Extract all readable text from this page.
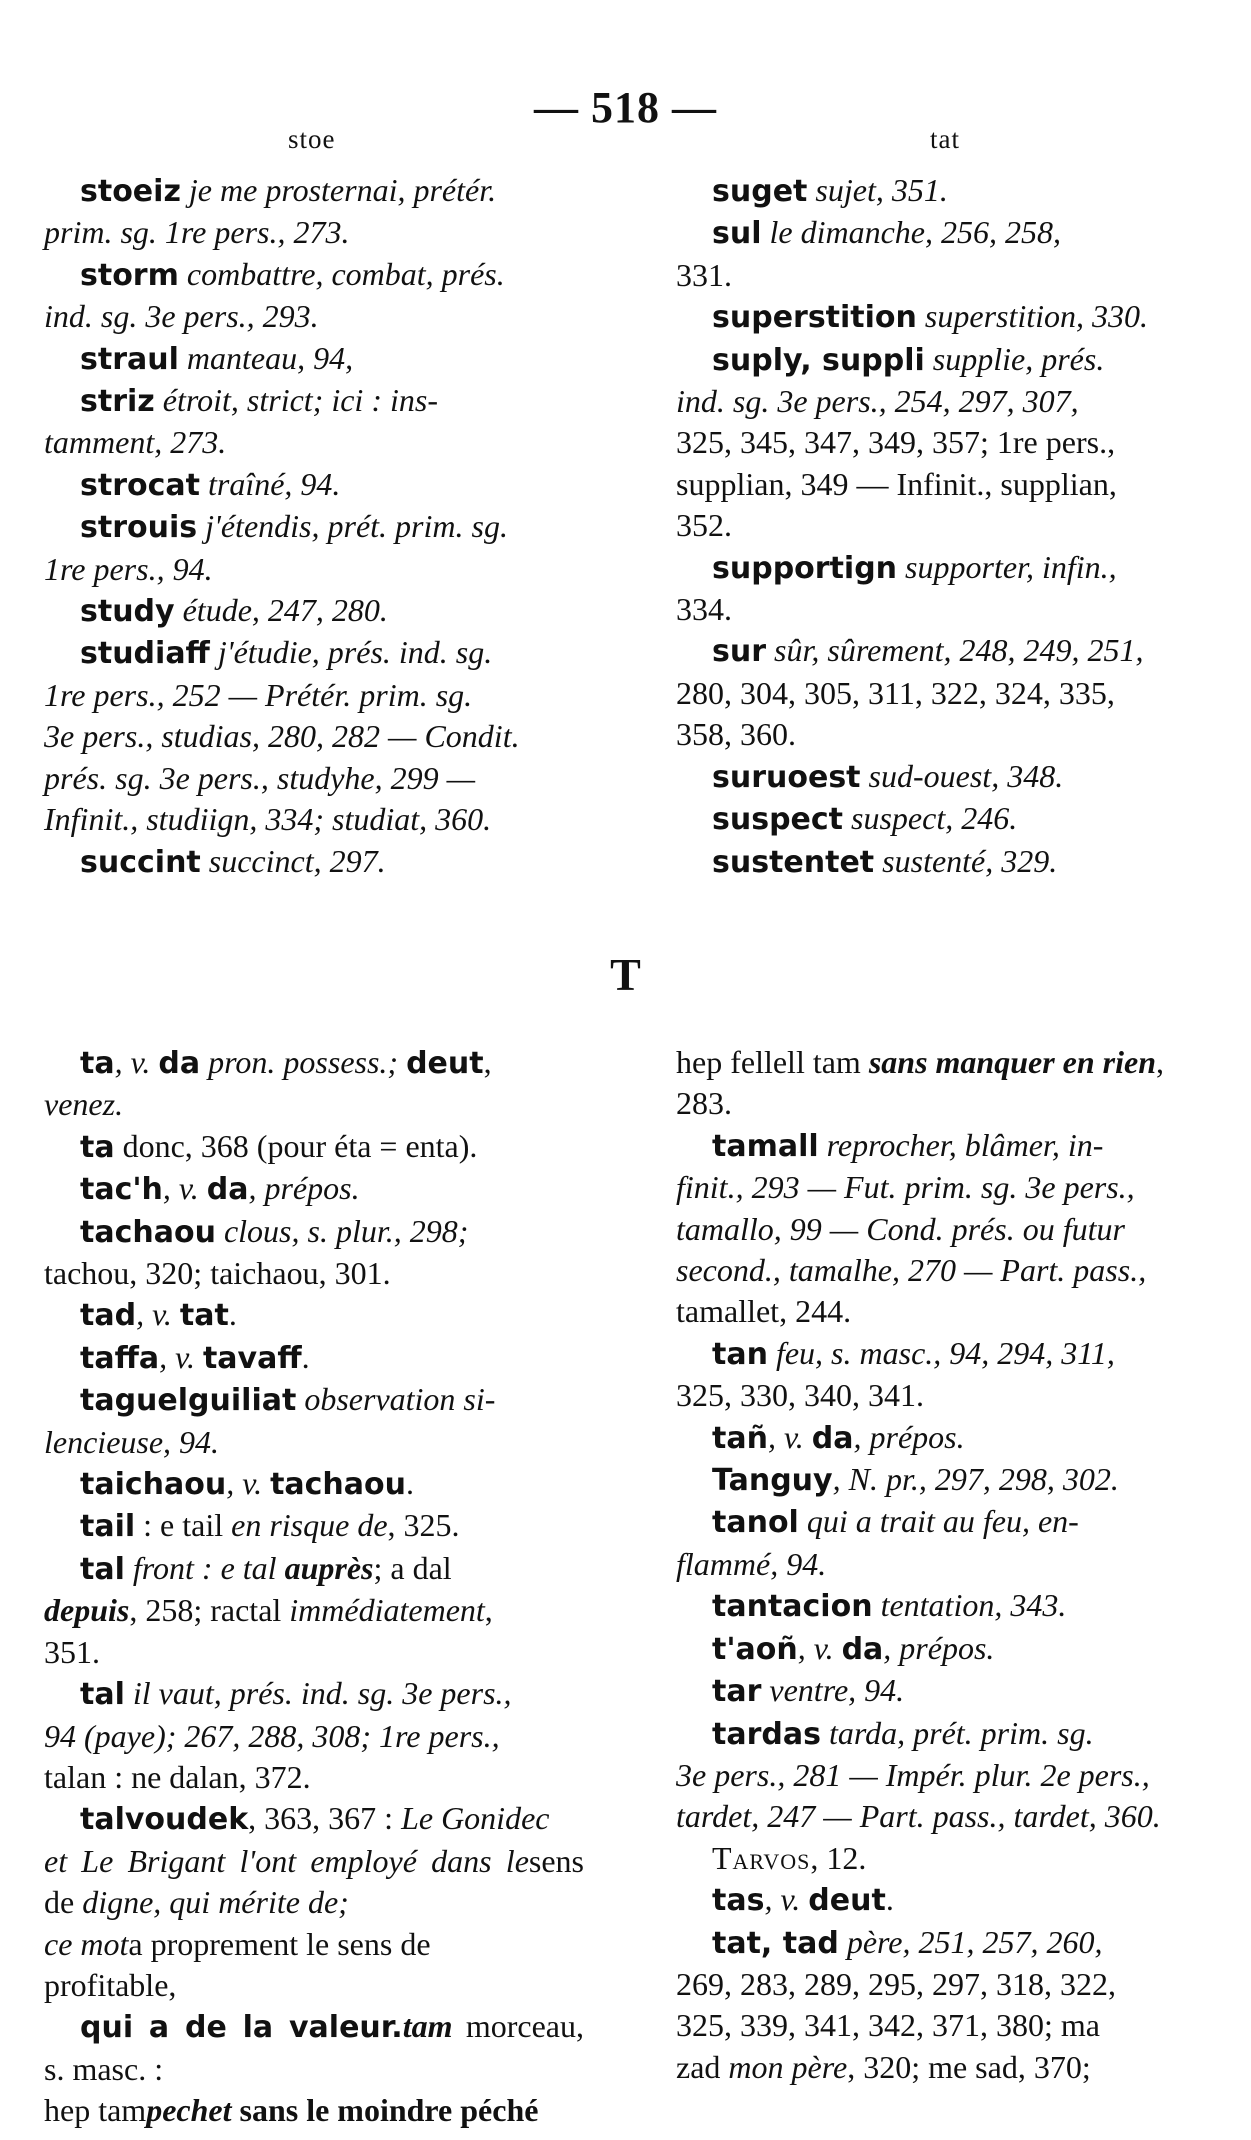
— 518 —
stoe	tat

stoeiz je me prosternai, prétér.
prim. sg. 1re pers., 273.

storm combattre, combat, prés.
ind. sg. 3e pers., 293.

straul manteau, 94,

striz étroit, strict; ici : ins-
tamment, 273.

strocat traîné, 94.

strouis j'étendis, prét. prim. sg.
1re pers., 94.

study étude, 247, 280.

studiaff j'étudie, prés. ind. sg.
1re pers., 252 — Prétér. prim. sg.
3e pers., studias, 280, 282 — Condit.
prés. sg. 3e pers., studyhe, 299 —
Infinit., studiign, 334; studiat, 360.

succint succinct, 297.

suget sujet, 351.

sul le dimanche, 256, 258,
331.

superstition superstition, 330.

suply, suppli supplie, prés.
ind. sg. 3e pers., 254, 297, 307,
325, 345, 347, 349, 357; 1re pers.,
supplian, 349 — Infinit., supplian,
352.

supportign supporter, infin.,
334.

sur sûr, sûrement, 248, 249, 251,
280, 304, 305, 311, 322, 324, 335,
358, 360.

suruoest sud-ouest, 348.

suspect suspect, 246.

sustentet sustenté, 329.

T

ta, v. da pron. possess.; deut,
venez.

ta donc, 368 (pour éta = enta).

tac'h, v. da, prépos.

tachaou clous, s. plur., 298;
tachou, 320; taichaou, 301.

tad, v. tat.

taffa, v. tavaff.

taguelguiliat observation si-
lencieuse, 94.

taichaou, v. tachaou.

tail : e tail en risque de, 325.

tal front : e tal auprès; a dal
depuis, 258; ractal immédiatement,
351.

tal il vaut, prés. ind. sg. 3e pers.,
94 (paye); 267, 288, 308; 1re pers.,
talan : ne dalan, 372.

talvoudek, 363, 367 : Le Gonidec
et Le Brigant l'ont employé dans lesens de digne, qui mérite de;
ce mota proprement le sens de
profitable,

qui a de la valeur.tam morceau, s. masc. :
hep tampechet sans le moindre péché

hep fellell tam sans manquer en rien,
283.

tamall reprocher, blâmer, in-
finit., 293 — Fut. prim. sg. 3e pers.,
tamallo, 99 — Cond. prés. ou futur
second., tamalhe, 270 — Part. pass.,
tamallet, 244.

tan feu, s. masc., 94, 294, 311,
325, 330, 340, 341.

tañ, v. da, prépos.

Tanguy, N. pr., 297, 298, 302.

tanol qui a trait au feu, en-
flammé, 94.

tantacion tentation, 343.

t'aoñ, v. da, prépos.

tar ventre, 94.

tardas tarda, prét. prim. sg.
3e pers., 281 — Impér. plur. 2e pers.,
tardet, 247 — Part. pass., tardet, 360.

Tarvos, 12.

tas, v. deut.

tat, tad père, 251, 257, 260,
269, 283, 289, 295, 297, 318, 322,
325, 339, 341, 342, 371, 380; ma
zad mon père, 320; me sad, 370;
